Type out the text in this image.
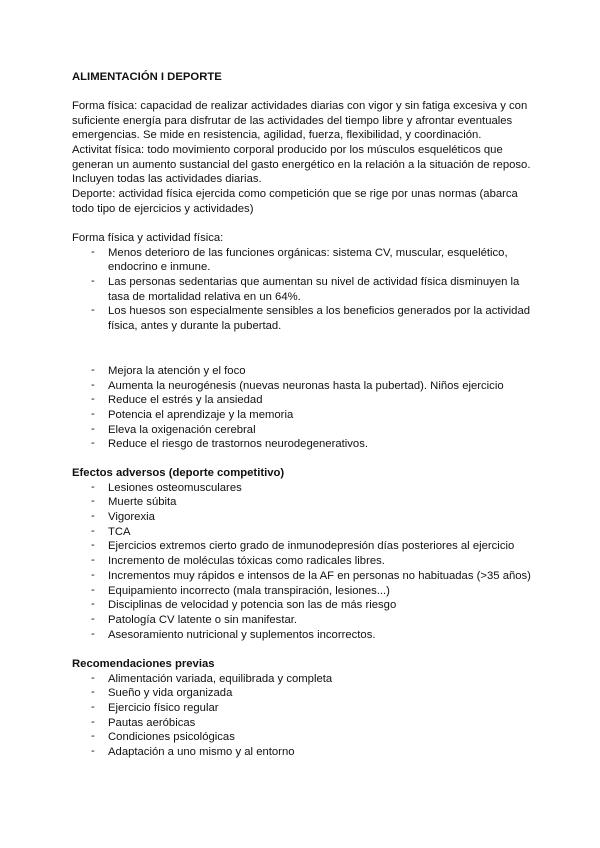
ALIMENTACIÓN I DEPORTE
Forma física: capacidad de realizar actividades diarias con vigor y sin fatiga excesiva y con
suficiente energía para disfrutar de las actividades del tiempo libre y afrontar eventuales
emergencias. Se mide en resistencia, agilidad, fuerza, flexibilidad, y coordinación.
Activitat física: todo movimiento corporal producido por los músculos esqueléticos que
generan un aumento sustancial del gasto energético en la relación a la situación de reposo.
Incluyen todas las actividades diarias.
Deporte: actividad física ejercida como competición que se rige por unas normas (abarca
todo tipo de ejercicios y actividades)
Forma física y actividad física:
- Menos deterioro de las funciones orgánicas: sistema CV, muscular, esquelético,
endocrino e inmune.
- Las personas sedentarias que aumentan su nivel de actividad física disminuyen la
tasa de mortalidad relativa en un 64%.
- Los huesos son especialmente sensibles a los beneficios generados por la actividad
física, antes y durante la pubertad.
- Mejora la atención y el foco
- Aumenta la neurogénesis (nuevas neuronas hasta la pubertad). Niños ejercicio
- Reduce el estrés y la ansiedad
- Potencia el aprendizaje y la memoria
- Eleva la oxigenación cerebral
- Reduce el riesgo de trastornos neurodegenerativos.
Efectos adversos (deporte competitivo)
- Lesiones osteomusculares
- Muerte súbita
- Vigorexia
- TCA
- Ejercicios extremos cierto grado de inmunodepresión días posteriores al ejercicio
- Incremento de moléculas tóxicas como radicales libres.
- Incrementos muy rápidos e intensos de la AF en personas no habituadas (>35 años)
- Equipamiento incorrecto (mala transpiración, lesiones...)
- Disciplinas de velocidad y potencia son las de más riesgo
- Patología CV latente o sin manifestar.
- Asesoramiento nutricional y suplementos incorrectos.
Recomendaciones previas
- Alimentación variada, equilibrada y completa
- Sueño y vida organizada
- Ejercicio físico regular
- Pautas aeróbicas
- Condiciones psicológicas
- Adaptación a uno mismo y al entorno
